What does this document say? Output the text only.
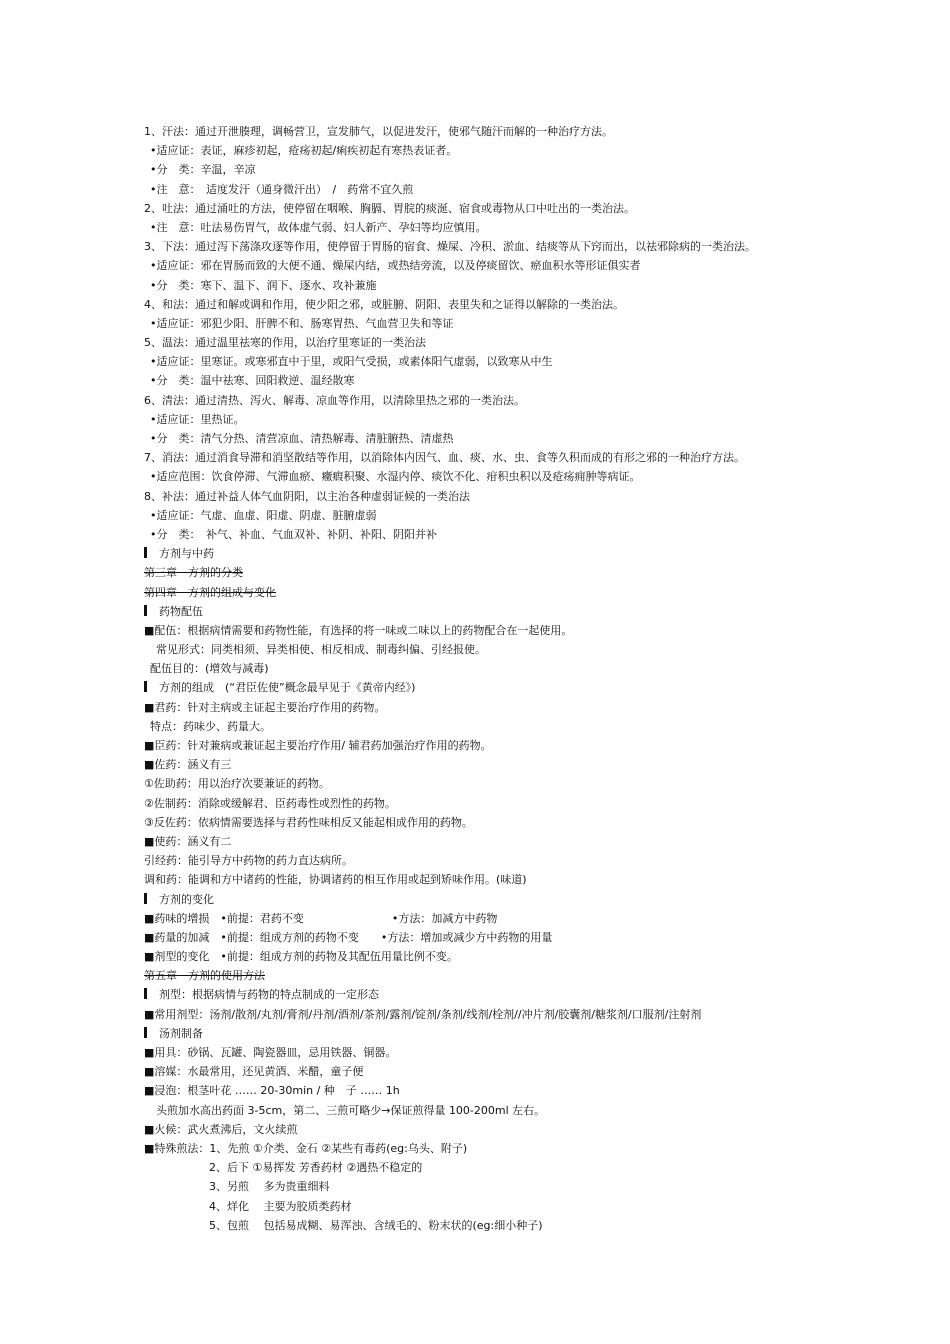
1、汗法：通过开泄腠理，调畅营卫，宣发肺气，以促进发汗，使邪气随汗而解的一种治疗方法。
•适应证：表证，麻疹初起，疮疡初起/痢疾初起有寒热表证者。
•分　类：辛温，辛凉
•注　意：　适度发汗（通身微汗出）　/　药常不宜久煎
2、吐法：通过涌吐的方法，使停留在咽喉、胸膈、胃脘的痰涎、宿食或毒物从口中吐出的一类治法。
•注　意：吐法易伤胃气，故体虚气弱、妇人新产、孕妇等均应慎用。
3、下法：通过泻下荡涤攻逐等作用，使停留于胃肠的宿食、燥屎、冷积、淤血、结痰等从下窍而出，以祛邪除病的一类治法。
•适应证：邪在胃肠而致的大便不通、燥屎内结，或热结旁流，以及停痰留饮、瘀血积水等形证俱实者
•分　类：寒下、温下、润下、逐水、攻补兼施
4、和法：通过和解或调和作用，使少阳之邪，或脏腑、阴阳、表里失和之证得以解除的一类治法。
•适应证：邪犯少阳、肝脾不和、肠寒胃热、气血营卫失和等证
5、温法：通过温里祛寒的作用，以治疗里寒证的一类治法
•适应证：里寒证。或寒邪直中于里，或阳气受损，或素体阳气虚弱，以致寒从中生
•分　类：温中祛寒、回阳救逆、温经散寒
6、清法：通过清热、泻火、解毒、凉血等作用，以清除里热之邪的一类治法。
•适应证：里热证。
•分　类：清气分热、清营凉血、清热解毒、清脏腑热、清虚热
7、消法：通过消食导滞和消坚散结等作用，以消除体内因气、血、痰、水、虫、食等久积而成的有形之邪的一种治疗方法。
•适应范围：饮食停滞、气滞血瘀、癥瘕积聚、水湿内停、痰饮不化、疳积虫积以及疮疡痈肿等病证。
8、补法：通过补益人体气血阴阳，以主治各种虚弱证候的一类治法
•适应证：气虚、血虚、阳虚、阴虚、脏腑虚弱
•分　类：　补气、补血、气血双补、补阴、补阳、阴阳并补
方剂与中药
第三章　方剂的分类
第四章　方剂的组成与变化
药物配伍
■配伍：根据病情需要和药物性能，有选择的将一味或二味以上的药物配合在一起使用。
常见形式：同类相须、异类相使、相反相成、制毒纠偏、引经报使。
配伍目的：(增效与减毒)
方剂的组成　(“君臣佐使”概念最早见于《黄帝内经》)
■君药：针对主病或主证起主要治疗作用的药物。
特点：药味少、药量大。
■臣药：针对兼病或兼证起主要治疗作用/ 辅君药加强治疗作用的药物。
■佐药：涵义有三
①佐助药：用以治疗次要兼证的药物。
②佐制药：消除或缓解君、臣药毒性或烈性的药物。
③反佐药：依病情需要选择与君药性味相反又能起相成作用的药物。
■使药：涵义有二
引经药：能引导方中药物的药力直达病所。
调和药：能调和方中诸药的性能，协调诸药的相互作用或起到矫味作用。(味道)
方剂的变化
■药味的增损　•前提：君药不变　　　　　　　　•方法：加减方中药物
■药量的加减　•前提：组成方剂的药物不变　　•方法：增加或减少方中药物的用量
■剂型的变化　•前提：组成方剂的药物及其配伍用量比例不变。
第五章　方剂的使用方法
剂型：根据病情与药物的特点制成的一定形态
■常用剂型：汤剂/散剂/丸剂/膏剂/丹剂/酒剂/茶剂/露剂/锭剂/条剂/线剂/栓剂//冲片剂/胶囊剂/糖浆剂/口服剂/注射剂
汤剂制备
■用具：砂锅、瓦罐、陶瓷器皿，忌用铁器、铜器。
■溶媒：水最常用，还见黄酒、米醋，童子便
■浸泡：根茎叶花 …… 20-30min / 种　子 …… 1h
头煎加水高出药面 3-5cm，第二、三煎可略少→保证煎得量 100-200ml 左右。
■火候：武火煮沸后，文火续煎
■特殊煎法：1、先煎 ①介类、金石 ②某些有毒药(eg:乌头、附子)
2、后下 ①易挥发 芳香药材 ②遇热不稳定的
3、另煎　 多为贵重细料
4、烊化　 主要为胶质类药材
5、包煎　 包括易成糊、易浑浊、含绒毛的、粉末状的(eg:细小种子)
